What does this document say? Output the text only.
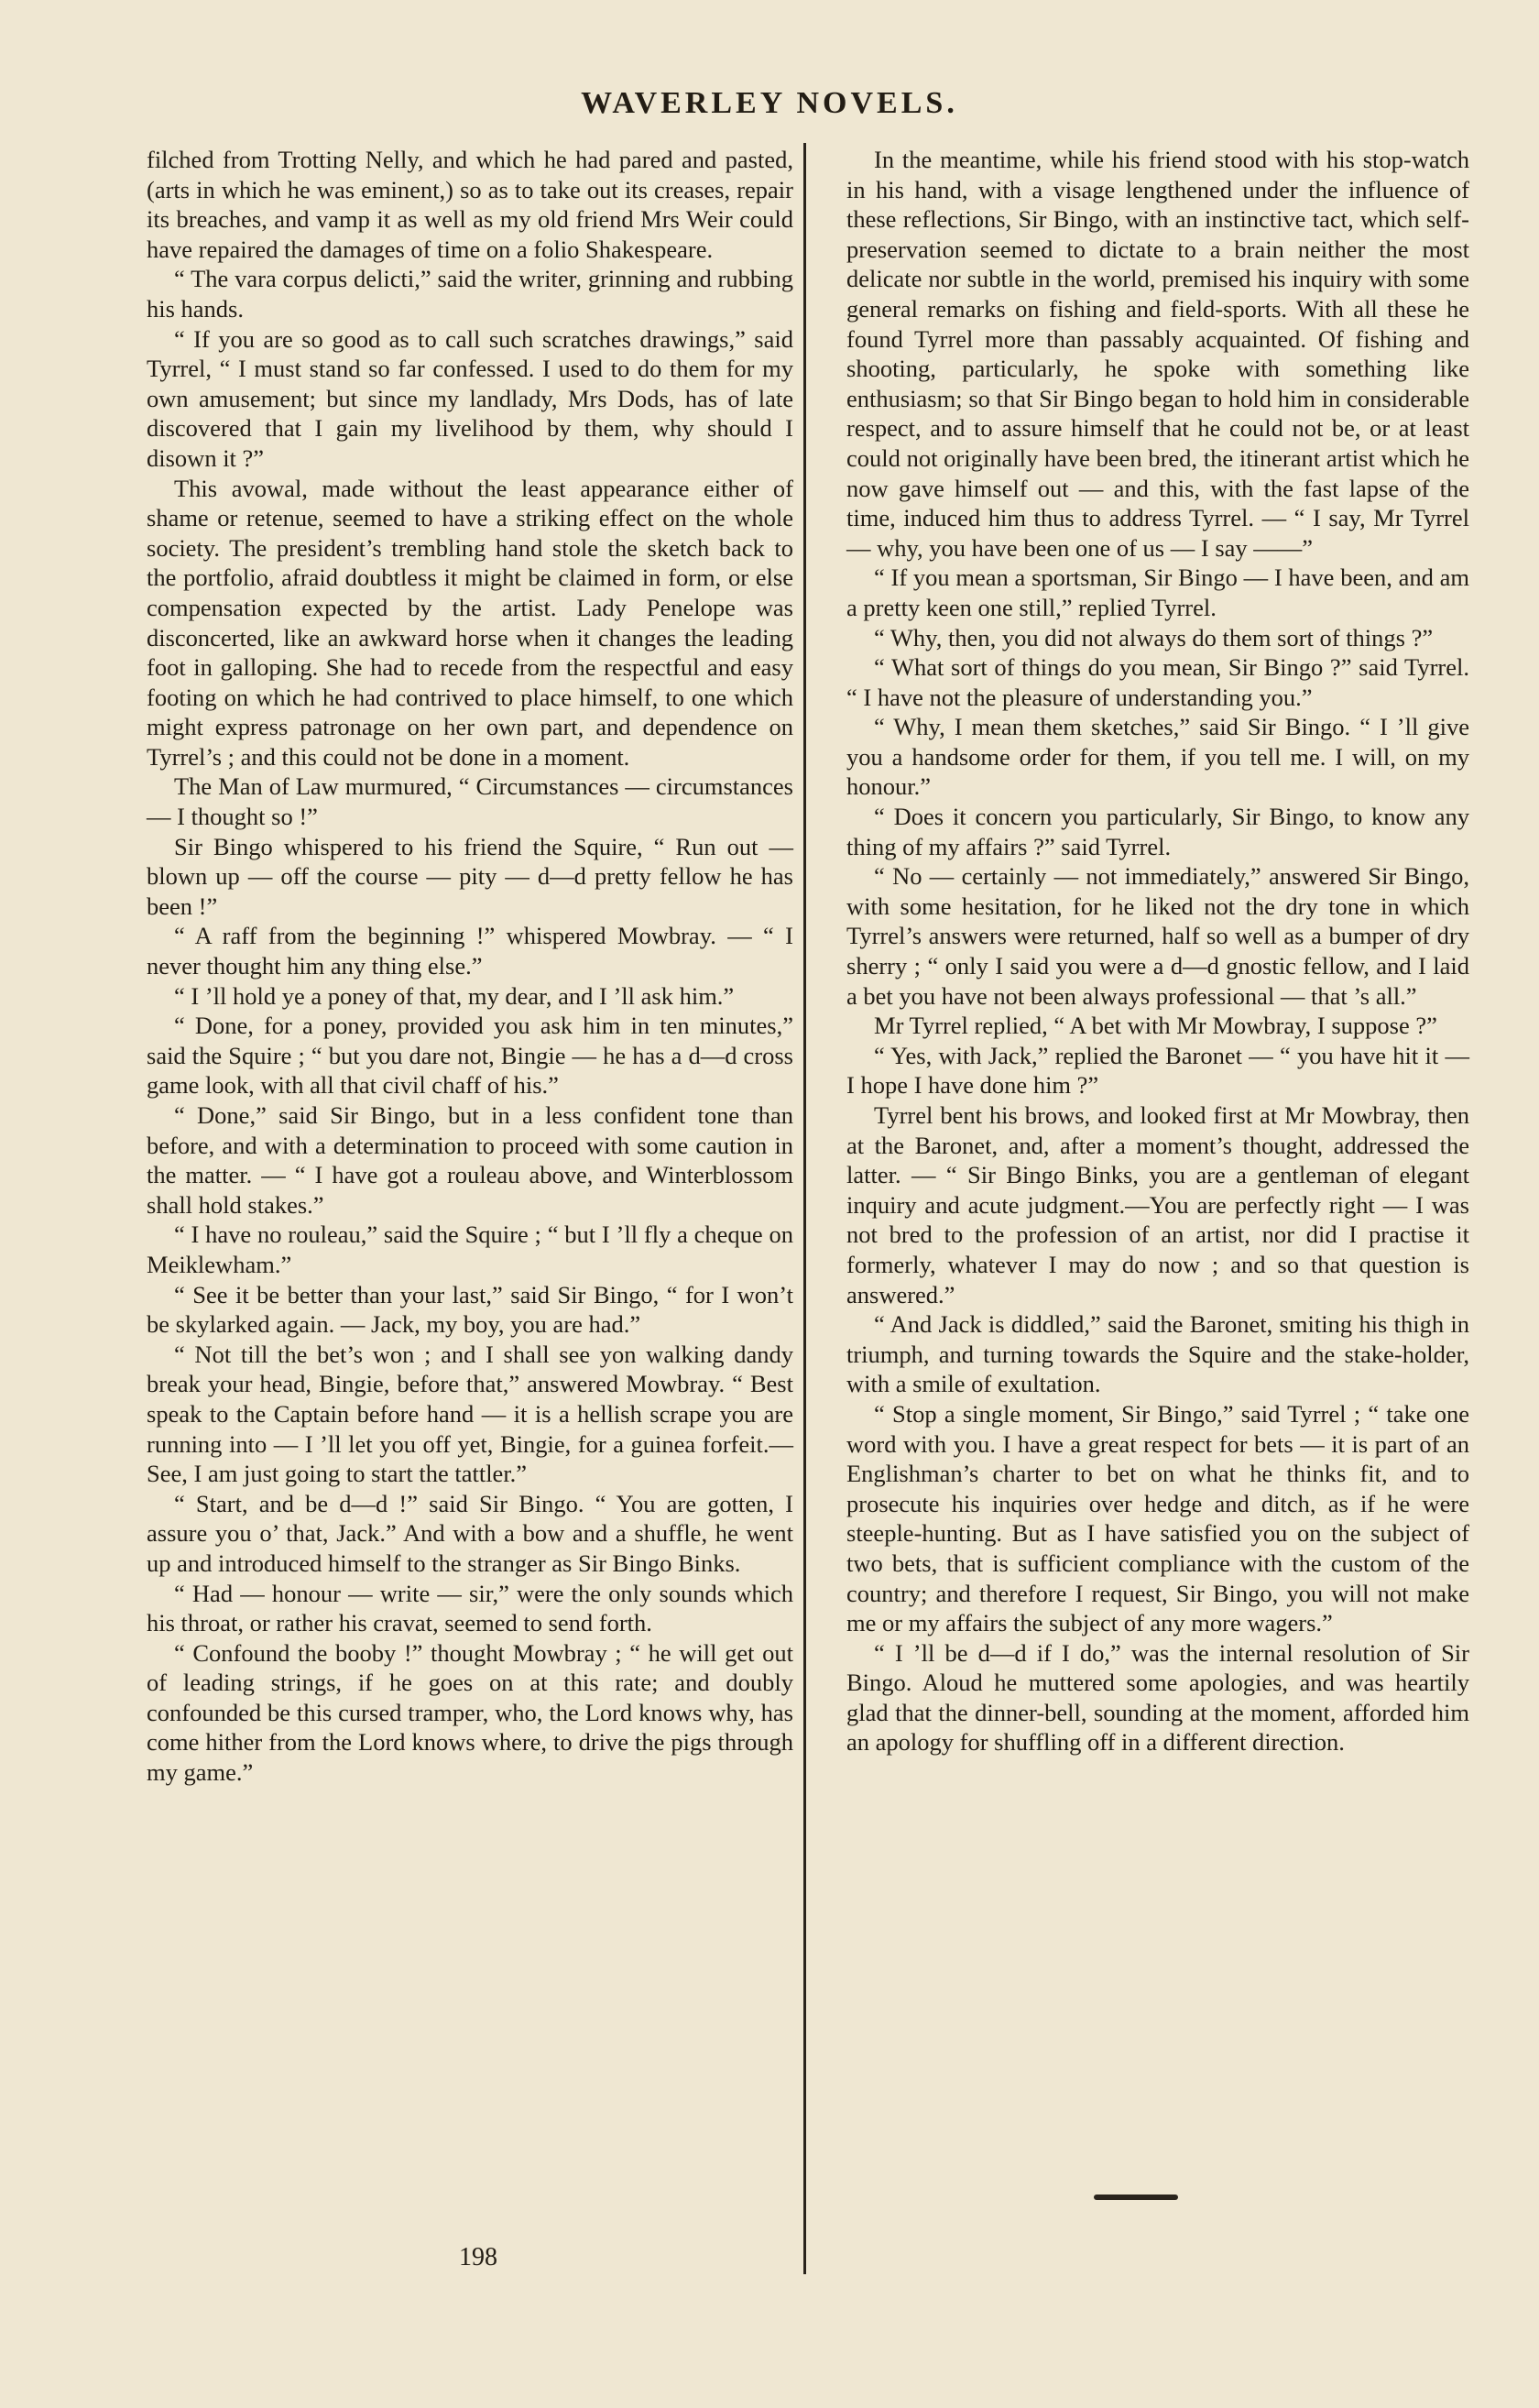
WAVERLEY NOVELS.

filched from Trotting Nelly, and which he had pared and pasted, (arts in which he was eminent,) so as to take out its creases, repair its breaches, and vamp it as well as my old friend Mrs Weir could have repaired the damages of time on a folio Shakespeare.

“ The vara corpus delicti,” said the writer, grinning and rubbing his hands.

“ If you are so good as to call such scratches drawings,” said Tyrrel, “ I must stand so far confessed. I used to do them for my own amusement; but since my landlady, Mrs Dods, has of late discovered that I gain my livelihood by them, why should I disown it ?”

This avowal, made without the least appearance either of shame or retenue, seemed to have a striking effect on the whole society. The president’s trembling hand stole the sketch back to the portfolio, afraid doubtless it might be claimed in form, or else compensation expected by the artist. Lady Penelope was disconcerted, like an awkward horse when it changes the leading foot in galloping. She had to recede from the respectful and easy footing on which he had contrived to place himself, to one which might express patronage on her own part, and dependence on Tyrrel’s ; and this could not be done in a moment.

The Man of Law murmured, “ Circumstances — circumstances — I thought so !”

Sir Bingo whispered to his friend the Squire, “ Run out — blown up — off the course — pity — d—d pretty fellow he has been !”

“ A raff from the beginning !” whispered Mowbray. — “ I never thought him any thing else.”

“ I ’ll hold ye a poney of that, my dear, and I ’ll ask him.”

“ Done, for a poney, provided you ask him in ten minutes,” said the Squire ; “ but you dare not, Bingie — he has a d—d cross game look, with all that civil chaff of his.”

“ Done,” said Sir Bingo, but in a less confident tone than before, and with a determination to proceed with some caution in the matter. — “ I have got a rouleau above, and Winterblossom shall hold stakes.”

“ I have no rouleau,” said the Squire ; “ but I ’ll fly a cheque on Meiklewham.”

“ See it be better than your last,” said Sir Bingo, “ for I won’t be skylarked again. — Jack, my boy, you are had.”

“ Not till the bet’s won ; and I shall see yon walking dandy break your head, Bingie, before that,” answered Mowbray. “ Best speak to the Captain before hand — it is a hellish scrape you are running into — I ’ll let you off yet, Bingie, for a guinea forfeit.— See, I am just going to start the tattler.”

“ Start, and be d—d !” said Sir Bingo. “ You are gotten, I assure you o’ that, Jack.” And with a bow and a shuffle, he went up and introduced himself to the stranger as Sir Bingo Binks.

“ Had — honour — write — sir,” were the only sounds which his throat, or rather his cravat, seemed to send forth.

“ Confound the booby !” thought Mowbray ; “ he will get out of leading strings, if he goes on at this rate; and doubly confounded be this cursed tramper, who, the Lord knows why, has come hither from the Lord knows where, to drive the pigs through my game.”

In the meantime, while his friend stood with his stop-watch in his hand, with a visage lengthened under the influence of these reflections, Sir Bingo, with an instinctive tact, which self-preservation seemed to dictate to a brain neither the most delicate nor subtle in the world, premised his inquiry with some general remarks on fishing and field-sports. With all these he found Tyrrel more than passably acquainted. Of fishing and shooting, particularly, he spoke with something like enthusiasm; so that Sir Bingo began to hold him in considerable respect, and to assure himself that he could not be, or at least could not originally have been bred, the itinerant artist which he now gave himself out — and this, with the fast lapse of the time, induced him thus to address Tyrrel. — “ I say, Mr Tyrrel — why, you have been one of us — I say ——”

“ If you mean a sportsman, Sir Bingo — I have been, and am a pretty keen one still,” replied Tyrrel.

“ Why, then, you did not always do them sort of things ?”

“ What sort of things do you mean, Sir Bingo ?” said Tyrrel. “ I have not the pleasure of understanding you.”

“ Why, I mean them sketches,” said Sir Bingo. “ I ’ll give you a handsome order for them, if you tell me. I will, on my honour.”

“ Does it concern you particularly, Sir Bingo, to know any thing of my affairs ?” said Tyrrel.

“ No — certainly — not immediately,” answered Sir Bingo, with some hesitation, for he liked not the dry tone in which Tyrrel’s answers were returned, half so well as a bumper of dry sherry ; “ only I said you were a d—d gnostic fellow, and I laid a bet you have not been always professional — that ’s all.”

Mr Tyrrel replied, “ A bet with Mr Mowbray, I suppose ?”

“ Yes, with Jack,” replied the Baronet — “ you have hit it — I hope I have done him ?”

Tyrrel bent his brows, and looked first at Mr Mowbray, then at the Baronet, and, after a moment’s thought, addressed the latter. — “ Sir Bingo Binks, you are a gentleman of elegant inquiry and acute judgment.—You are perfectly right — I was not bred to the profession of an artist, nor did I practise it formerly, whatever I may do now ; and so that question is answered.”

“ And Jack is diddled,” said the Baronet, smiting his thigh in triumph, and turning towards the Squire and the stake-holder, with a smile of exultation.

“ Stop a single moment, Sir Bingo,” said Tyrrel ; “ take one word with you. I have a great respect for bets — it is part of an Englishman’s charter to bet on what he thinks fit, and to prosecute his inquiries over hedge and ditch, as if he were steeple-hunting. But as I have satisfied you on the subject of two bets, that is sufficient compliance with the custom of the country; and therefore I request, Sir Bingo, you will not make me or my affairs the subject of any more wagers.”

“ I ’ll be d—d if I do,” was the internal resolution of Sir Bingo. Aloud he muttered some apologies, and was heartily glad that the dinner-bell, sounding at the moment, afforded him an apology for shuffling off in a different direction.

198
